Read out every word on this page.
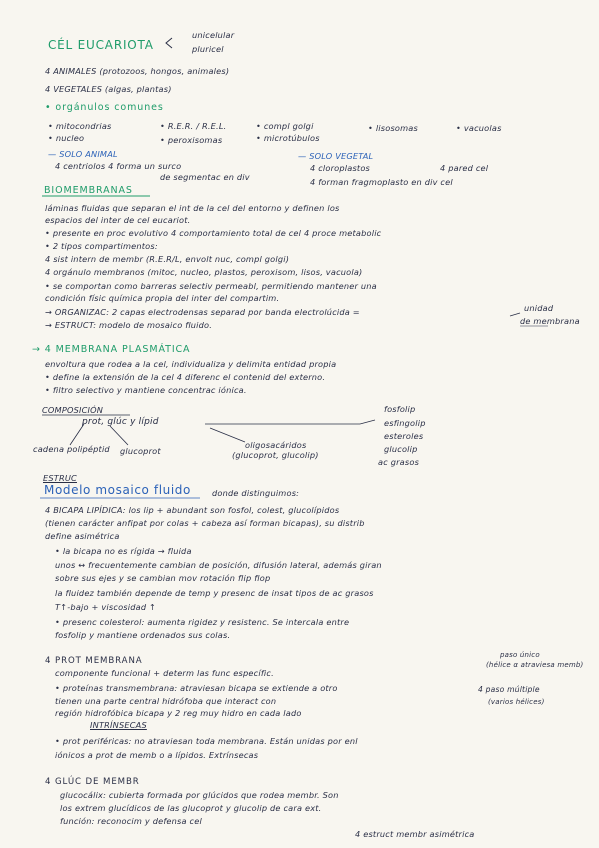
CÉL EUCARIOTA
unicelular
pluricel
4 ANIMALES (protozoos, hongos, animales)
4 VEGETALES (algas, plantas)
• orgánulos comunes
• mitocondrias	• R.E.R. / R.E.L.	• compl golgi	• lisosomas	• vacuolas
• nucleo	• peroxisomas	• microtúbulos
— SOLO ANIMAL
4 centriolos 4 forma un surco
de segmentac en div
— SOLO VEGETAL
4 cloroplastos	4 pared cel
4 forman fragmoplasto en div cel
BIOMEMBRANAS
láminas fluidas que separan el int de la cel del entorno y definen los
espacios del inter de cel eucariot.
• presente en proc evolutivo 4 comportamiento total de cel 4 proce metabolic
• 2 tipos compartimentos:
4 sist intern de membr (R.E.R/L, envolt nuc, compl golgi)
4 orgánulo membranos (mitoc, nucleo, plastos, peroxisom, lisos, vacuola)
• se comportan como barreras selectiv permeabl, permitiendo mantener una
condición físic química propia del inter del compartim.
→ ORGANIZAC: 2 capas electrodensas separad por banda electrolúcida =
→ ESTRUCT: modelo de mosaico fluido.
unidad
de membrana
→ 4 MEMBRANA PLASMÁTICA
envoltura que rodea a la cel, individualiza y delimita entidad propia
• define la extensión de la cel 4 diferenc el contenid del externo.
• filtro selectivo y mantiene concentrac iónica.
COMPOSICIÓN
prot, glúc y lípid
fosfolip
esfingolip
esteroles
glucolip
ac grasos
cadena polipéptid glucoprot
oligosacáridos
(glucoprot, glucolip)
ESTRUC
Modelo mosaico fluido	donde distinguimos:
4 BICAPA LIPÍDICA: los lip + abundant son fosfol, colest, glucolípidos
(tienen carácter anfipat por colas + cabeza así forman bicapas), su distrib
define asimétrica
• la bicapa no es rígida → fluida
unos ↔ frecuentemente cambian de posición, difusión lateral, además giran
sobre sus ejes y se cambian mov rotación flip flop
la fluidez también depende de temp y presenc de insat tipos de ac grasos
T↑-bajo + viscosidad ↑
• presenc colesterol: aumenta rigidez y resistenc. Se intercala entre
fosfolip y mantiene ordenados sus colas.
4 PROT MEMBRANA
componente funcional + determ las func específic.
• proteínas transmembrana: atraviesan bicapa se extiende a otro
tienen una parte central hidrófoba que interact con
región hidrofóbica bicapa y 2 reg muy hidro en cada lado
INTRÍNSECAS
• prot periféricas: no atraviesan toda membrana. Están unidas por enl
iónicos a prot de memb o a lípidos. Extrínsecas
paso único
(hélice α atraviesa memb)
4 paso múltiple
(varios hélices)
4 GLÚC DE MEMBR
glucocálix: cubierta formada por glúcidos que rodea membr. Son
los extrem glucídicos de las glucoprot y glucolip de cara ext.
función: reconocim y defensa cel
4 estruct membr asimétrica
